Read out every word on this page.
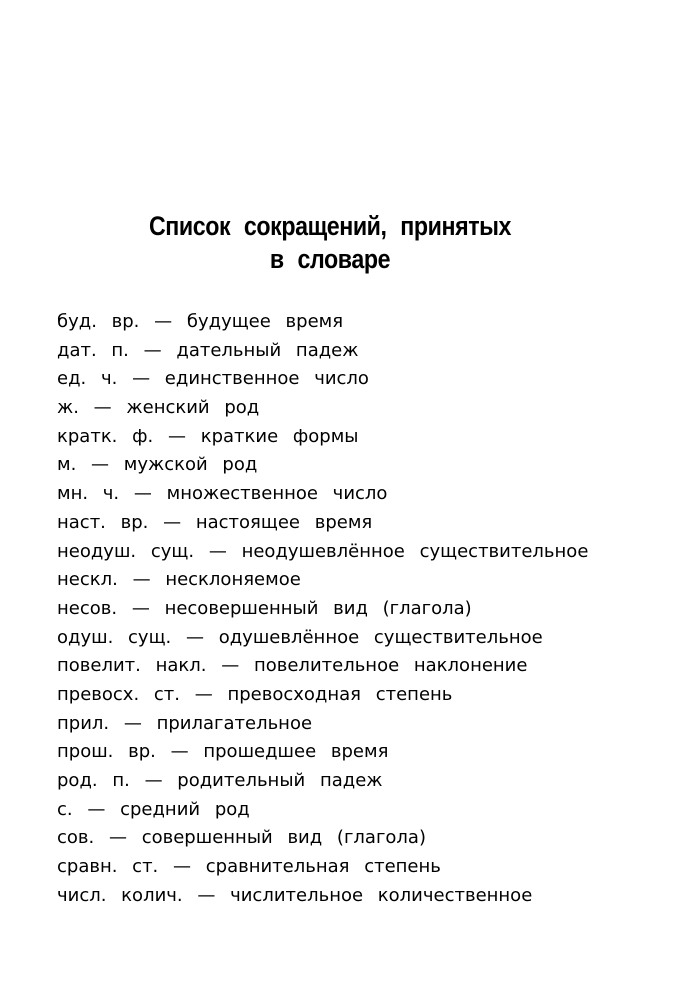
Список сокращений, принятых
в словаре
буд. вр. — будущее время
дат. п. — дательный падеж
ед. ч. — единственное число
ж. — женский род
кратк. ф. — краткие формы
м. — мужской род
мн. ч. — множественное число
наст. вр. — настоящее время
неодуш. сущ. — неодушевлённое существительное
нескл. — несклоняемое
несов. — несовершенный вид (глагола)
одуш. сущ. — одушевлённое существительное
повелит. накл. — повелительное наклонение
превосх. ст. — превосходная степень
прил. — прилагательное
прош. вр. — прошедшее время
род. п. — родительный падеж
с. — средний род
сов. — совершенный вид (глагола)
сравн. ст. — сравнительная степень
числ. колич. — числительное количественное
